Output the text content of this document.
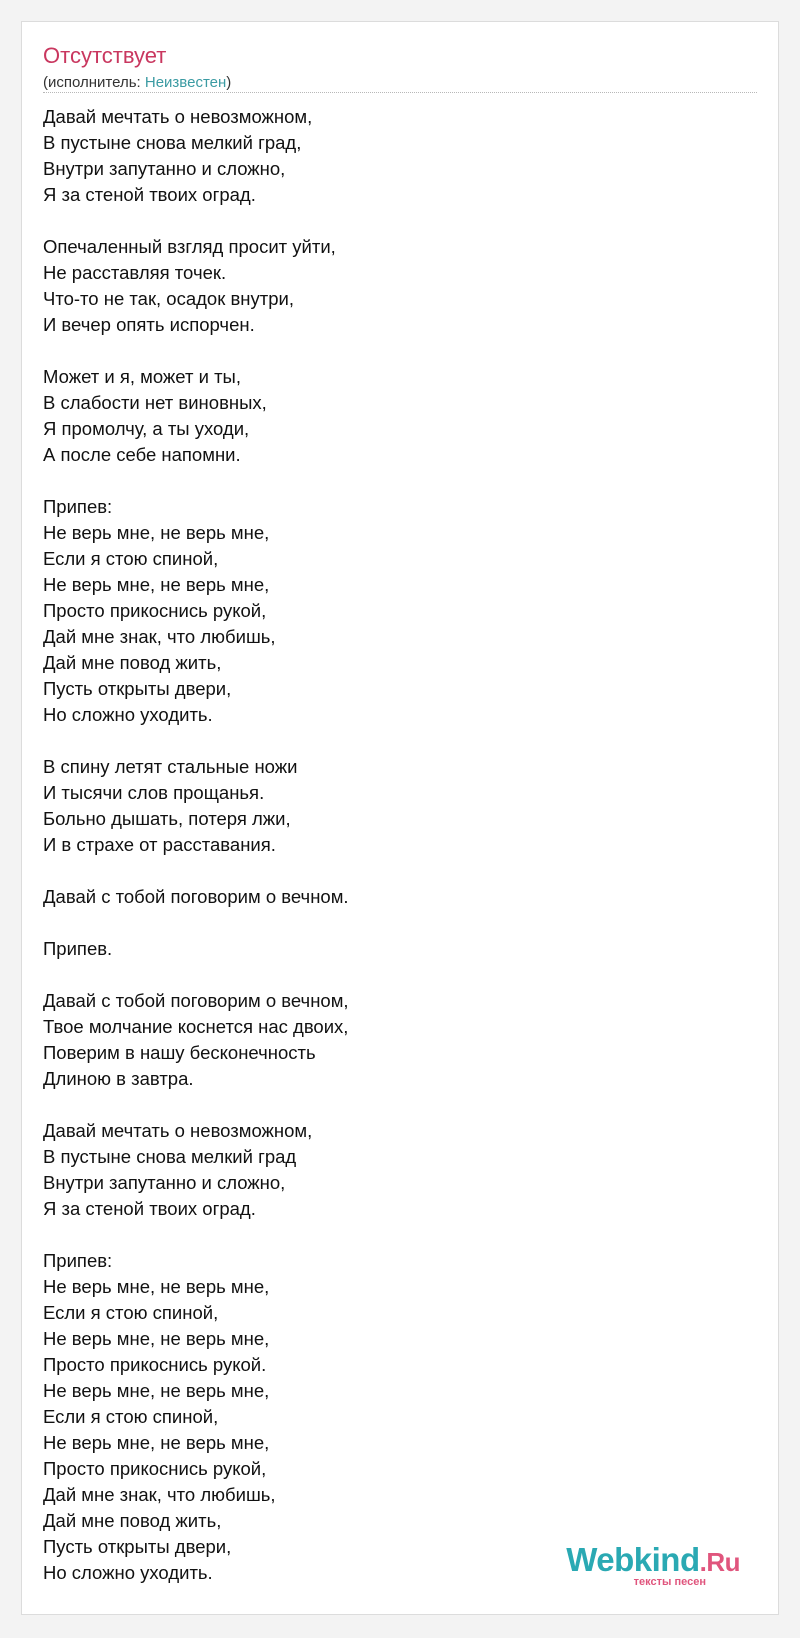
Отсутствует
(исполнитель: Неизвестен)
Давай мечтать о невозможном,
В пустыне снова мелкий град,
Внутри запутанно и сложно,
Я за стеной твоих оград.
Опечаленный взгляд просит уйти,
Не расставляя точек.
Что-то не так, осадок внутри,
И вечер опять испорчен.
Может и я, может и ты,
В слабости нет виновных,
Я промолчу, а ты уходи,
А после себе напомни.
Припев:
Не верь мне, не верь мне,
Если я стою спиной,
Не верь мне, не верь мне,
Просто прикоснись рукой,
Дай мне знак, что любишь,
Дай мне повод жить,
Пусть открыты двери,
Но сложно уходить.
В спину летят стальные ножи
И тысячи слов прощанья.
Больно дышать, потеря лжи,
И в страхе от расставания.
Давай с тобой поговорим о вечном.
Припев.
Давай с тобой поговорим о вечном,
Твое молчание коснется нас двоих,
Поверим в нашу бесконечность
Длиною в завтра.
Давай мечтать о невозможном,
В пустыне снова мелкий град
Внутри запутанно и сложно,
Я за стеной твоих оград.
Припев:
Не верь мне, не верь мне,
Если я стою спиной,
Не верь мне, не верь мне,
Просто прикоснись рукой.
Не верь мне, не верь мне,
Если я стою спиной,
Не верь мне, не верь мне,
Просто прикоснись рукой,
Дай мне знак, что любишь,
Дай мне повод жить,
Пусть открыты двери,
Но сложно уходить.	Webkind.Ru
тексты песен
